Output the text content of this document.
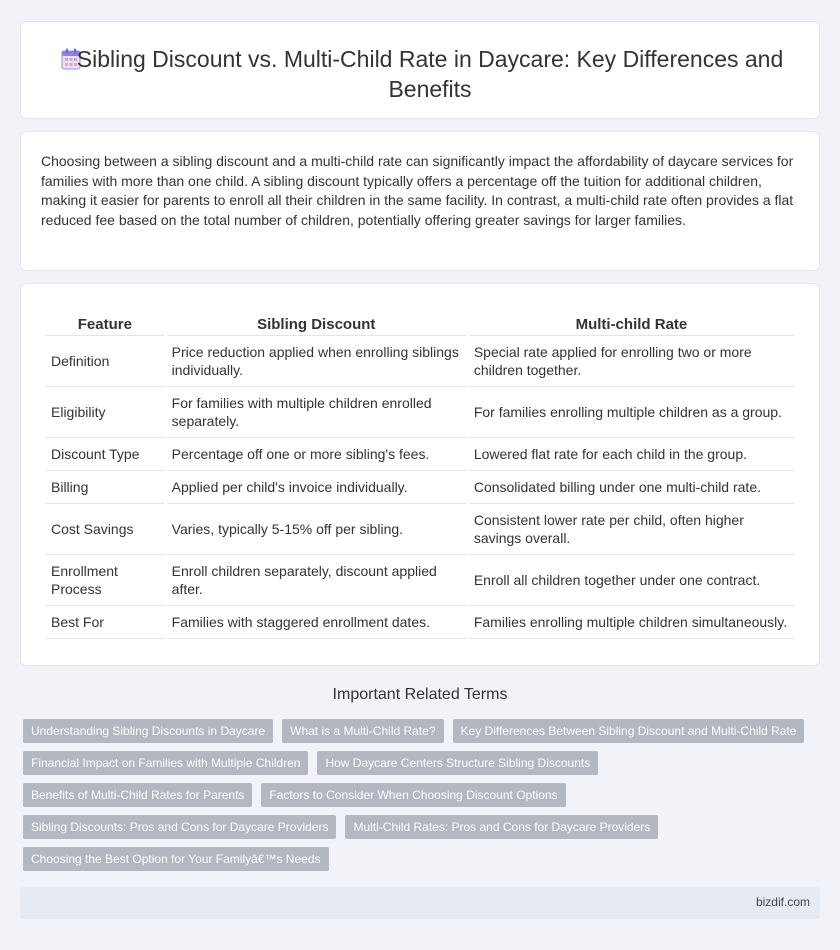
Sibling Discount vs. Multi-Child Rate in Daycare: Key Differences and Benefits

Choosing between a sibling discount and a multi-child rate can significantly impact the affordability of daycare services for families with more than one child. A sibling discount typically offers a percentage off the tuition for additional children, making it easier for parents to enroll all their children in the same facility. In contrast, a multi-child rate often provides a flat reduced fee based on the total number of children, potentially offering greater savings for larger families.

Feature	Sibling Discount	Multi-child Rate
Definition	Price reduction applied when enrolling siblings individually.	Special rate applied for enrolling two or more children together.
Eligibility	For families with multiple children enrolled separately.	For families enrolling multiple children as a group.
Discount Type	Percentage off one or more sibling's fees.	Lowered flat rate for each child in the group.
Billing	Applied per child's invoice individually.	Consolidated billing under one multi-child rate.
Cost Savings	Varies, typically 5-15% off per sibling.	Consistent lower rate per child, often higher savings overall.
Enrollment Process	Enroll children separately, discount applied after.	Enroll all children together under one contract.
Best For	Families with staggered enrollment dates.	Families enrolling multiple children simultaneously.
Important Related Terms
Understanding Sibling Discounts in Daycare	What is a Multi-Child Rate?	Key Differences Between Sibling Discount and Multi-Child Rate
Financial Impact on Families with Multiple Children	How Daycare Centers Structure Sibling Discounts
Benefits of Multi-Child Rates for Parents	Factors to Consider When Choosing Discount Options
Sibling Discounts: Pros and Cons for Daycare Providers	Multi-Child Rates: Pros and Cons for Daycare Providers
Choosing the Best Option for Your Familyâ€™s Needs
bizdif.com
